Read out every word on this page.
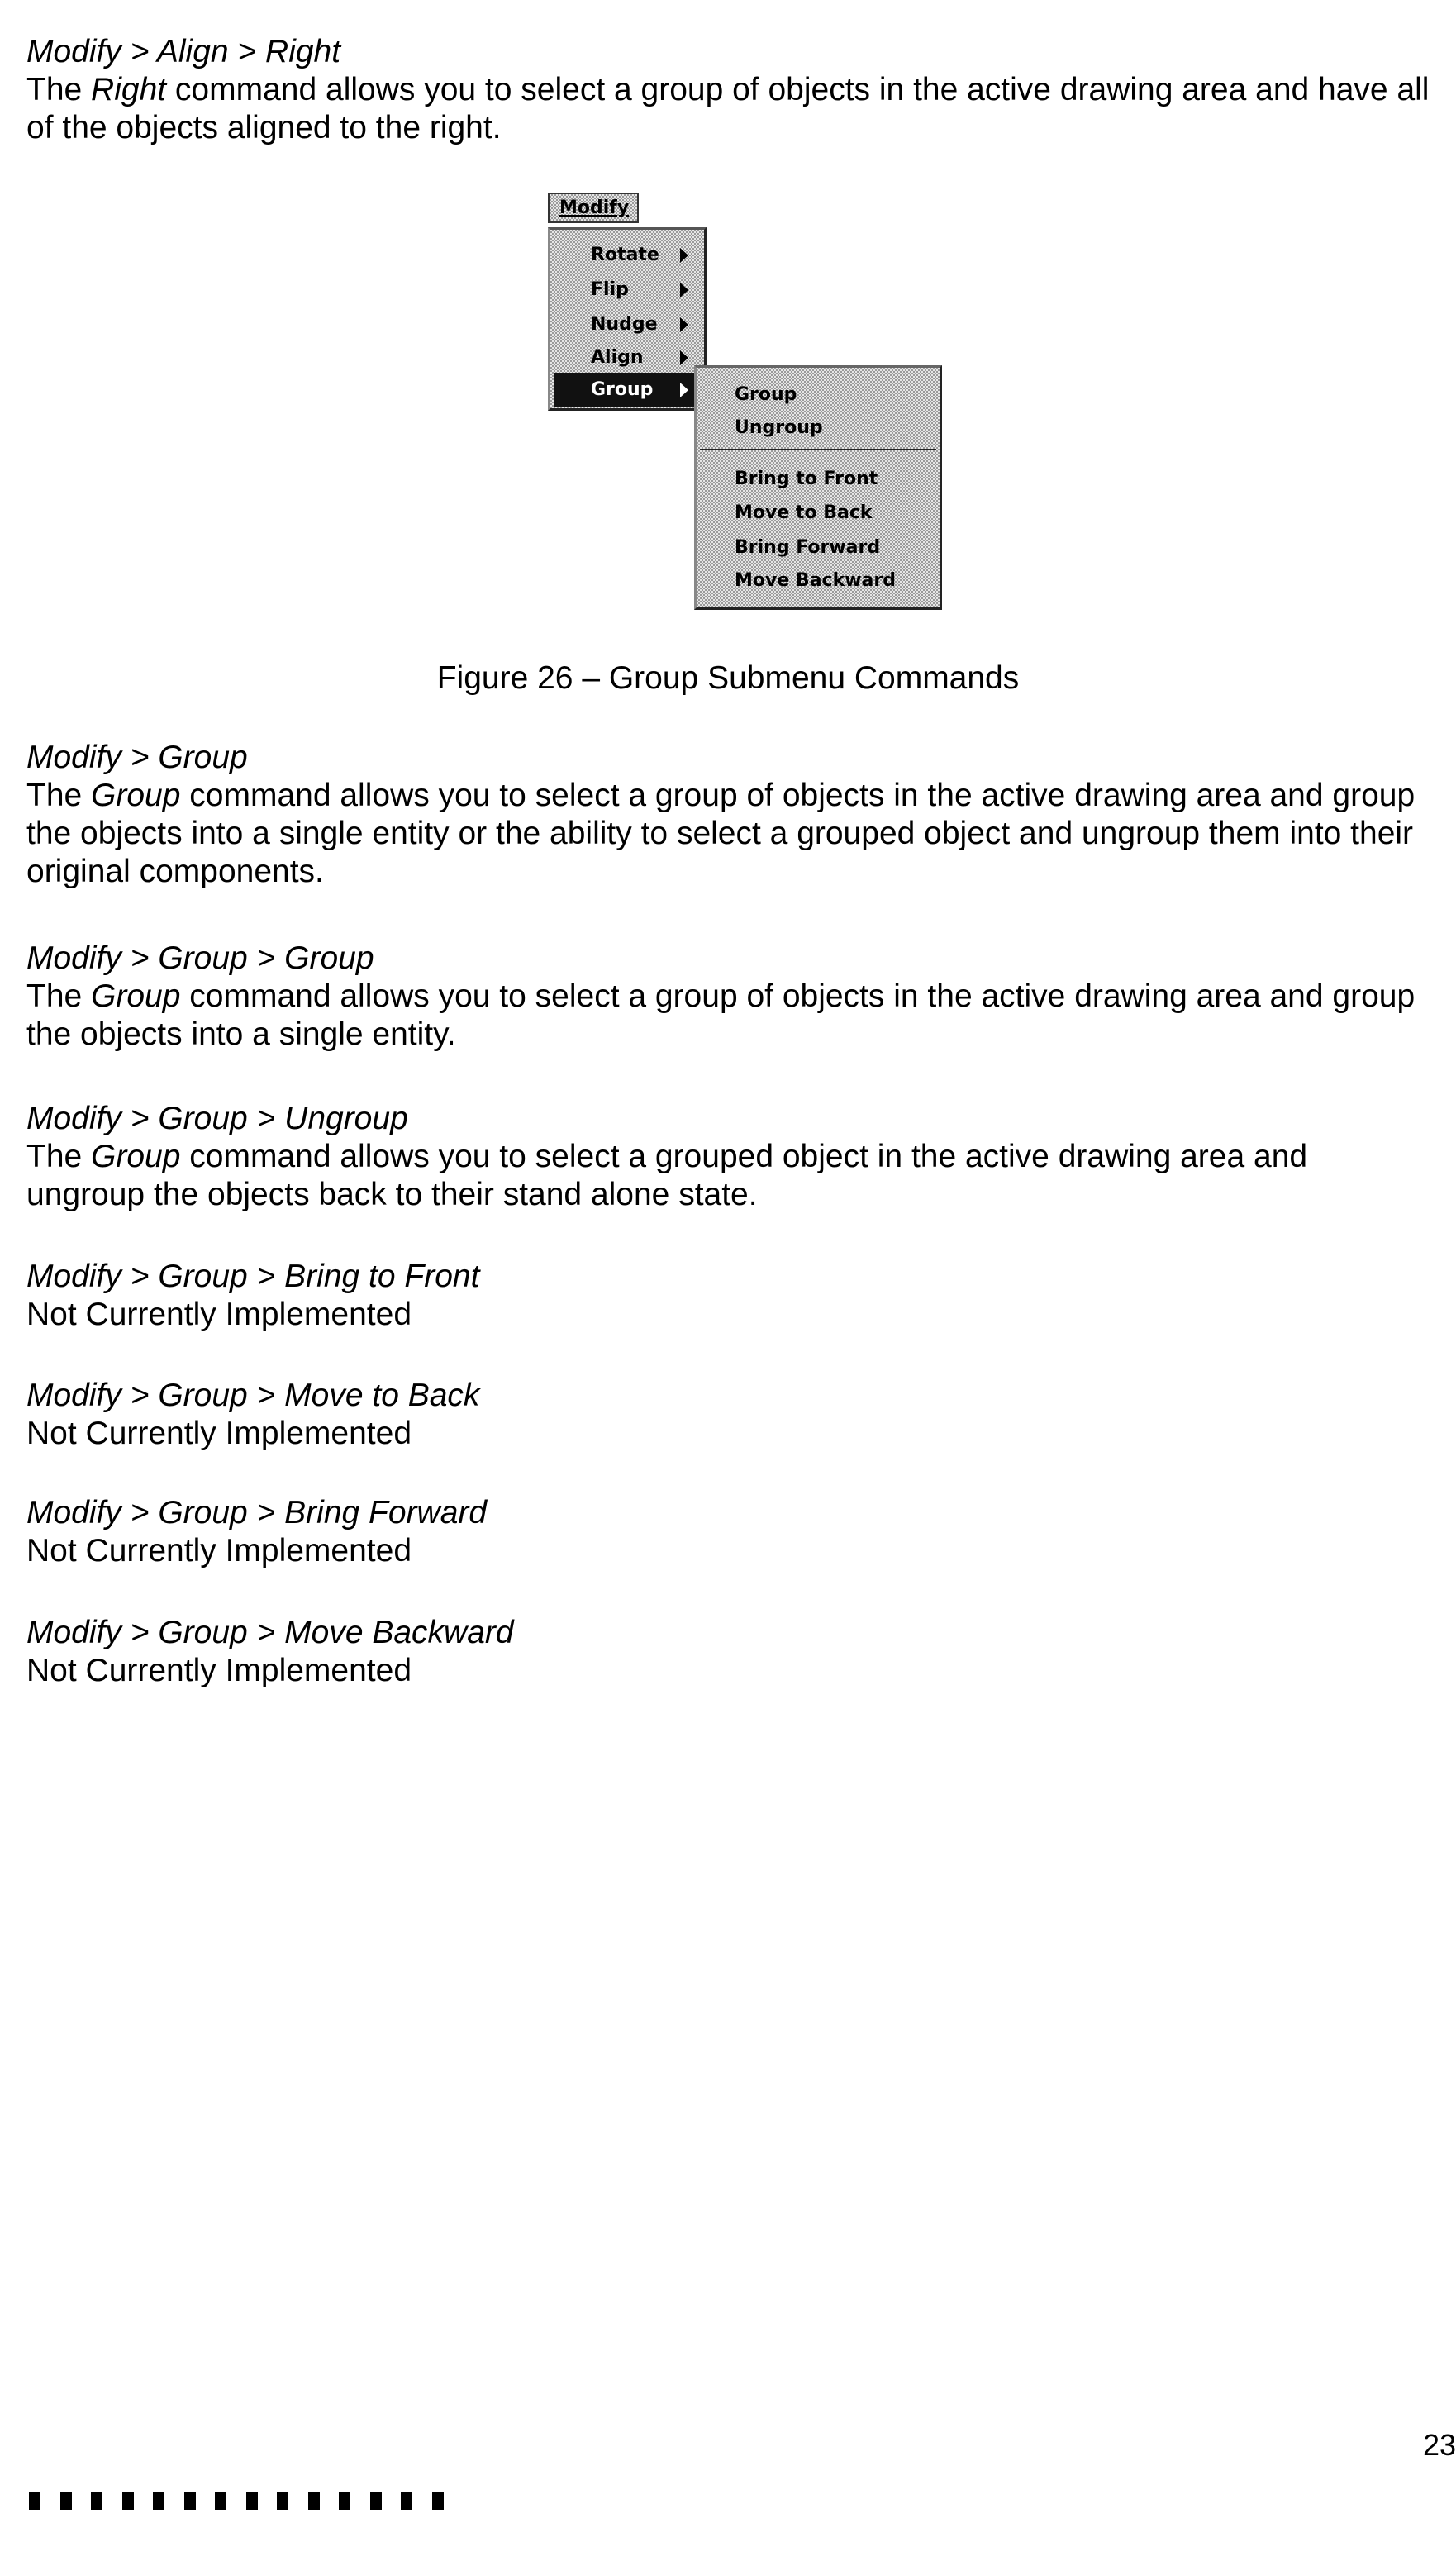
Modify > Align > Right

The Right command allows you to select a group of objects in the active drawing area and have all of the objects aligned to the right.

Modify
Rotate
Flip
Nudge
Align
Group	Group
Ungroup
Bring to Front
Move to Back
Bring Forward
Move Backward
Figure 26 – Group Submenu Commands

Modify > Group

The Group command allows you to select a group of objects in the active drawing area and group the objects into a single entity or the ability to select a grouped object and ungroup them into their original components.

Modify > Group > Group

The Group command allows you to select a group of objects in the active drawing area and group the objects into a single entity.

Modify > Group > Ungroup

The Group command allows you to select a grouped object in the active drawing area and ungroup the objects back to their stand alone state.

Modify > Group > Bring to Front

Not Currently Implemented

Modify > Group > Move to Back

Not Currently Implemented

Modify > Group > Bring Forward

Not Currently Implemented

Modify > Group > Move Backward

Not Currently Implemented

23
